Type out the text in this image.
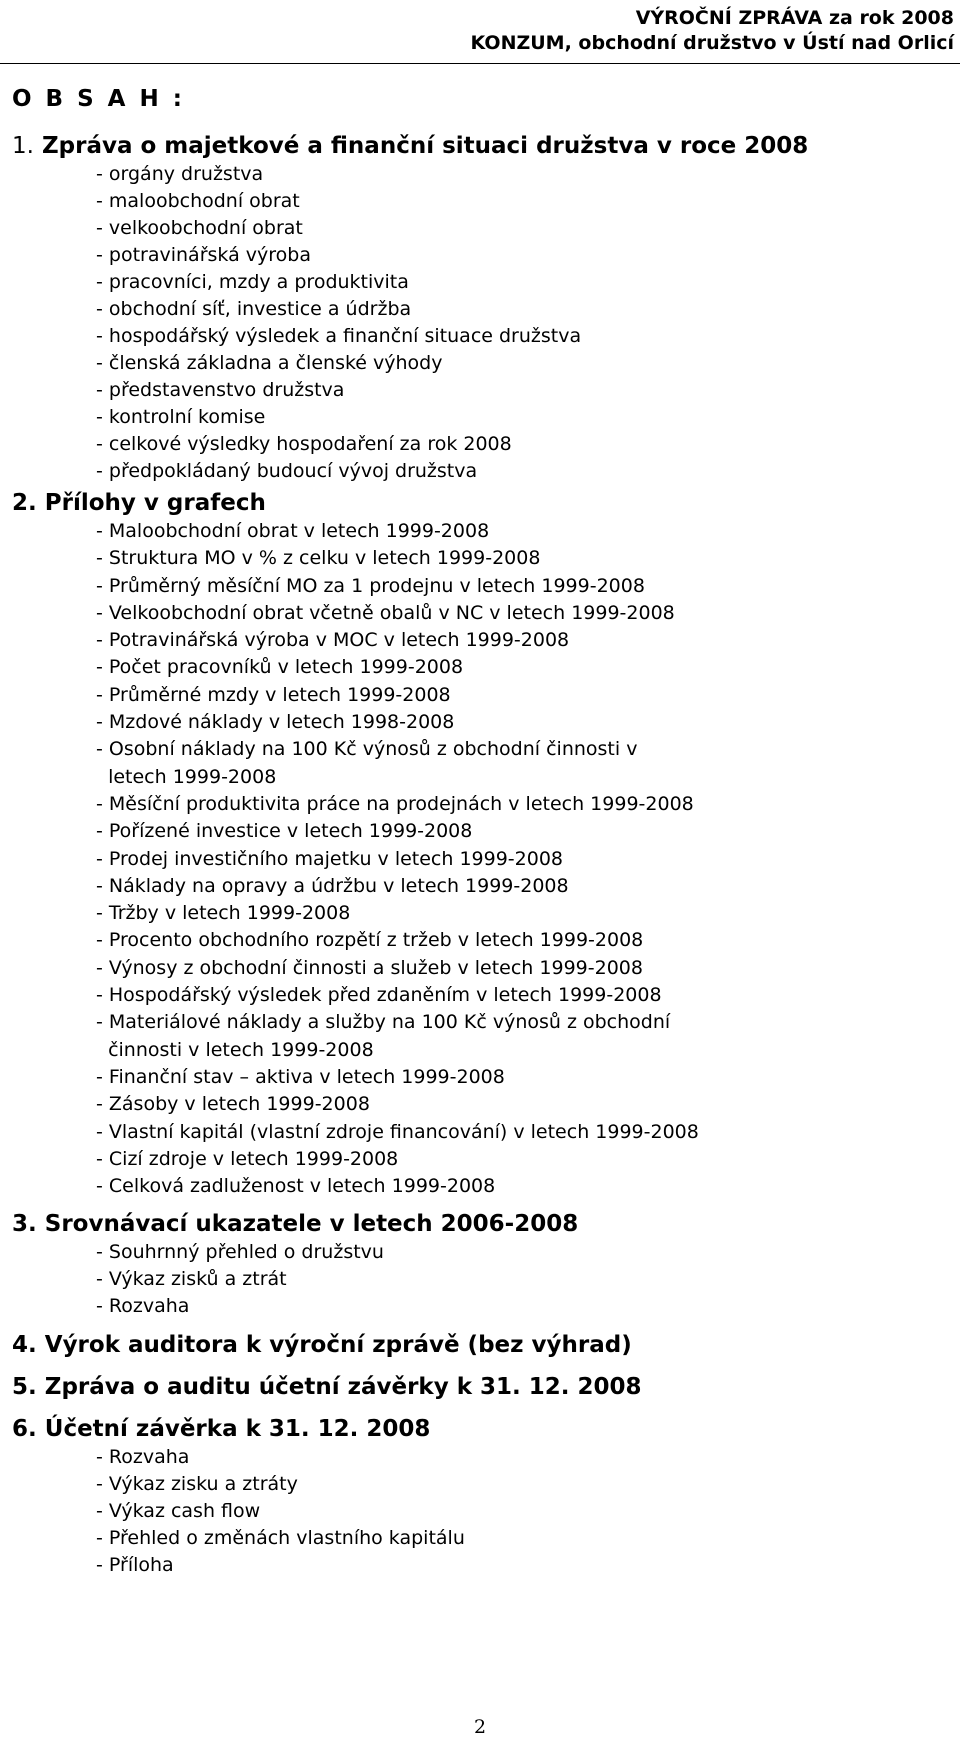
VÝROČNÍ ZPRÁVA za rok 2008
KONZUM, obchodní družstvo v Ústí nad Orlicí
O B S A H :
1. Zpráva o majetkové a finanční situaci družstva v roce 2008
- orgány družstva
- maloobchodní obrat
- velkoobchodní obrat
- potravinářská výroba
- pracovníci, mzdy a produktivita
- obchodní síť, investice a údržba
- hospodářský výsledek a finanční situace družstva
- členská základna a členské výhody
- představenstvo družstva
- kontrolní komise
- celkové výsledky hospodaření za rok 2008
- předpokládaný budoucí vývoj družstva
2. Přílohy v grafech
- Maloobchodní obrat v letech 1999-2008
- Struktura MO v % z celku v letech 1999-2008
- Průměrný měsíční MO za 1 prodejnu v letech 1999-2008
- Velkoobchodní obrat včetně obalů v NC v letech 1999-2008
- Potravinářská výroba v MOC v letech 1999-2008
- Počet pracovníků v letech 1999-2008
- Průměrné mzdy v letech 1999-2008
- Mzdové náklady v letech 1998-2008
- Osobní náklady na 100 Kč výnosů z obchodní činnosti v
letech 1999-2008
- Měsíční produktivita práce na prodejnách v letech 1999-2008
- Pořízené investice v letech 1999-2008
- Prodej investičního majetku v letech 1999-2008
- Náklady na opravy a údržbu v letech 1999-2008
- Tržby v letech 1999-2008
- Procento obchodního rozpětí z tržeb v letech 1999-2008
- Výnosy z obchodní činnosti a služeb v letech 1999-2008
- Hospodářský výsledek před zdaněním v letech 1999-2008
- Materiálové náklady a služby na 100 Kč výnosů z obchodní
činnosti v letech 1999-2008
- Finanční stav – aktiva v letech 1999-2008
- Zásoby v letech 1999-2008
- Vlastní kapitál (vlastní zdroje financování) v letech 1999-2008
- Cizí zdroje v letech 1999-2008
- Celková zadluženost v letech 1999-2008
3. Srovnávací ukazatele v letech 2006-2008
- Souhrnný přehled o družstvu
- Výkaz zisků a ztrát
- Rozvaha
4. Výrok auditora k výroční zprávě (bez výhrad)
5. Zpráva o auditu účetní závěrky k 31. 12. 2008
6. Účetní závěrka k 31. 12. 2008
- Rozvaha
- Výkaz zisku a ztráty
- Výkaz cash flow
- Přehled o změnách vlastního kapitálu
- Příloha
2
